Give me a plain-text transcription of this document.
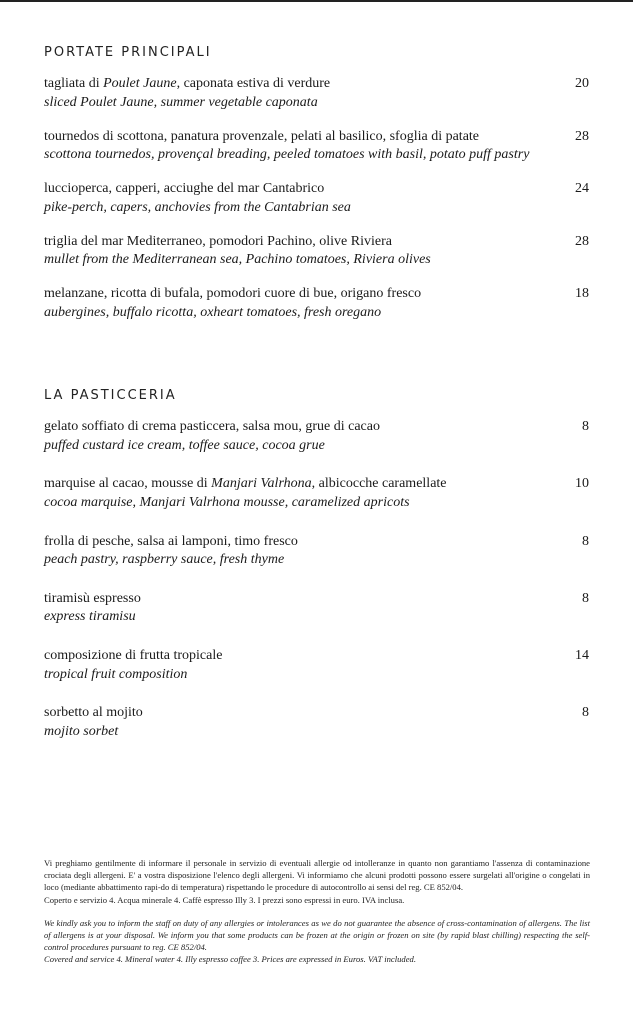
PORTATE PRINCIPALI
tagliata di Poulet Jaune, caponata estiva di verdure
sliced Poulet Jaune, summer vegetable caponata
20
tournedos di scottona, panatura provenzale, pelati al basilico, sfoglia di patate
scottona tournedos, provençal breading, peeled tomatoes with basil, potato puff pastry
28
luccioperca, capperi, acciughe del mar Cantabrico
pike-perch, capers, anchovies from the Cantabrian sea
24
triglia del mar Mediterraneo, pomodori Pachino, olive Riviera
mullet from the Mediterranean sea, Pachino tomatoes, Riviera olives
28
melanzane, ricotta di bufala, pomodori cuore di bue, origano fresco
aubergines, buffalo ricotta, oxheart tomatoes, fresh oregano
18
LA PASTICCERIA
gelato soffiato di crema pasticcera, salsa mou, grue di cacao
puffed custard ice cream, toffee sauce, cocoa grue
8
marquise al cacao, mousse di Manjari Valrhona, albicocche caramellate
cocoa marquise, Manjari Valrhona mousse, caramelized apricots
10
frolla di pesche, salsa ai lamponi, timo fresco
peach pastry, raspberry sauce, fresh thyme
8
tiramisù espresso
express tiramisu
8
composizione di frutta tropicale
tropical fruit composition
14
sorbetto al mojito
mojito sorbet
8

Vi preghiamo gentilmente di informare il personale in servizio di eventuali allergie od intolleranze in quanto non garantiamo l'assenza di contaminazione crociata degli allergeni. E' a vostra disposizione l'elenco degli allergeni. Vi informiamo che alcuni prodotti possono essere surgelati all'origine o congelati in loco (mediante abbattimento rapi-do di temperatura) rispettando le procedure di autocontrollo ai sensi del reg. CE 852/04.

Coperto e servizio 4. Acqua minerale 4. Caffè espresso Illy 3. I prezzi sono espressi in euro. IVA inclusa.

We kindly ask you to inform the staff on duty of any allergies or intolerances as we do not guarantee the absence of cross-contamination of allergens. The list of allergens is at your disposal. We inform you that some products can be frozen at the origin or frozen on site (by rapid blast chilling) respecting the self-control procedures pursuant to reg. CE 852/04.

Covered and service 4. Mineral water 4. Illy espresso coffee 3. Prices are expressed in Euros. VAT included.
